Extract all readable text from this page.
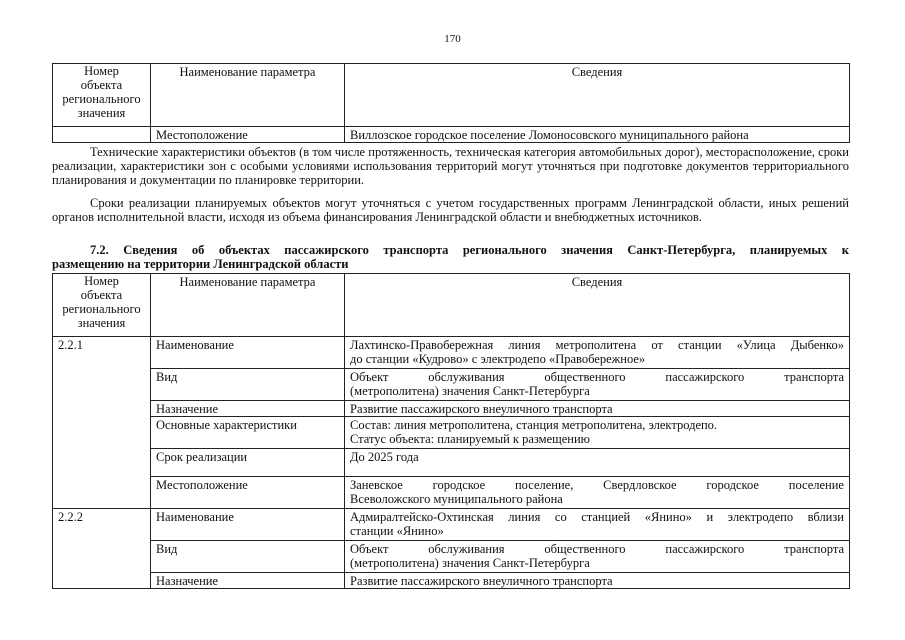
170
Номер
объекта
регионального
значения	Наименование параметра	Сведения
	Местоположение	Виллозское городское поселение Ломоносовского муниципального района
Технические характеристики объектов (в том числе протяженность, техническая категория автомобильных дорог), месторасположение, сроки реализации, характеристики зон с особыми условиями использования территорий могут уточняться при подготовке документов территориального планирования и документации по планировке территории.
Сроки реализации планируемых объектов могут уточняться с учетом государственных программ Ленинградской области, иных решений органов исполнительной власти, исходя из объема финансирования Ленинградской области и внебюджетных источников.
7.2. Сведения об объектах пассажирского транспорта регионального значения Санкт-Петербурга, планируемых к
размещению на территории Ленинградской области
Номер
объекта
регионального
значения	Наименование параметра	Сведения
2.2.1	Наименование	Лахтинско-Правобережная линия метрополитена от станции «Улица Дыбенко»
до станции «Кудрово» с электродепо «Правобережное»

	Вид	Объект обслуживания общественного пассажирского транспорта
(метрополитена) значения Санкт-Петербурга

	Назначение	Развитие пассажирского внеуличного транспорта

	Основные характеристики	Состав: линия метрополитена, станция метрополитена, электродепо.
Статус объекта: планируемый к размещению

	Срок реализации	До 2025 года

	Местоположение	Заневское городское поселение, Свердловское городское поселение
Всеволожского муниципального района

2.2.2	Наименование	Адмиралтейско-Охтинская линия со станцией «Янино» и электродепо вблизи
станции «Янино»

	Вид	Объект обслуживания общественного пассажирского транспорта
(метрополитена) значения Санкт-Петербурга

	Назначение	Развитие пассажирского внеуличного транспорта
